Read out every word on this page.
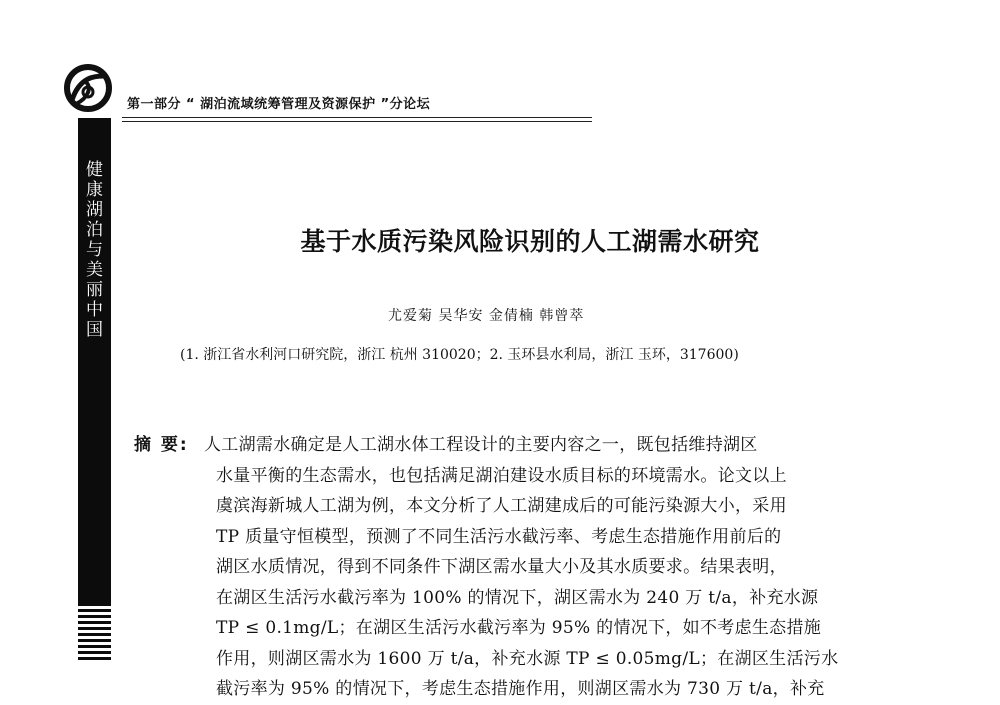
第一部分 “ 湖泊流域统筹管理及资源保护 ”分论坛
健
康
湖
泊
与
美
丽
中
国
基于水质污染风险识别的人工湖需水研究
尤爱菊 吴华安 金倩楠 韩曾萃
(1. 浙江省水利河口研究院，浙江 杭州 310020；2. 玉环县水利局，浙江 玉环，317600)
摘 要: 人工湖需水确定是人工湖水体工程设计的主要内容之一，既包括维持湖区
水量平衡的生态需水，也包括满足湖泊建设水质目标的环境需水。论文以上
虞滨海新城人工湖为例，本文分析了人工湖建成后的可能污染源大小，采用
TP 质量守恒模型，预测了不同生活污水截污率、考虑生态措施作用前后的
湖区水质情况，得到不同条件下湖区需水量大小及其水质要求。结果表明，
在湖区生活污水截污率为 100% 的情况下，湖区需水为 240 万 t/a，补充水源
TP ≤ 0.1mg/L；在湖区生活污水截污率为 95% 的情况下，如不考虑生态措施
作用，则湖区需水为 1600 万 t/a，补充水源 TP ≤ 0.05mg/L；在湖区生活污水
截污率为 95% 的情况下，考虑生态措施作用，则湖区需水为 730 万 t/a，补充
